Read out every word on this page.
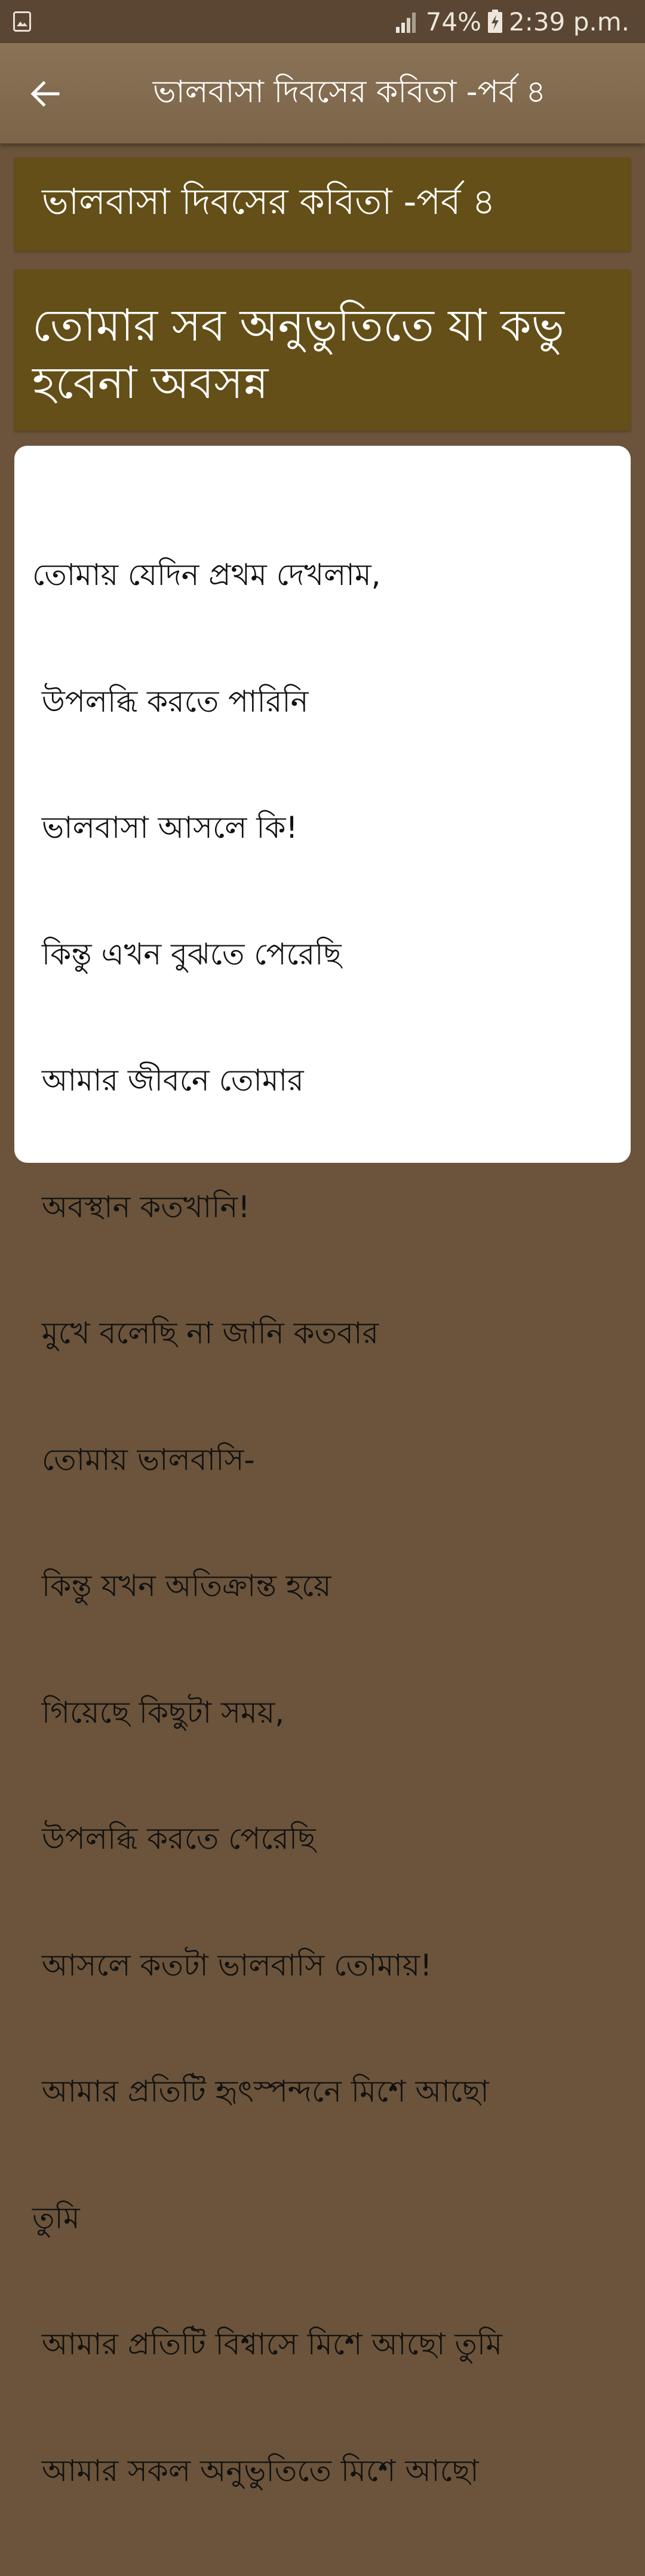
74% 2:39 p.m.
ভালবাসা দিবসের কবিতা -পর্ব ৪
ভালবাসা দিবসের কবিতা -পর্ব ৪
তোমার সব অনুভুতিতে যা কভু হবেনা অবসন্ন

তোমায় যেদিন প্রথম দেখলাম,

উপলব্ধি করতে পারিনি

ভালবাসা আসলে কি!

কিন্তু এখন বুঝতে পেরেছি

আমার জীবনে তোমার

অবস্থান কতখানি!

মুখে বলেছি না জানি কতবার

তোমায় ভালবাসি-

কিন্তু যখন অতিক্রান্ত হয়ে

গিয়েছে কিছুটা সময়,

উপলব্ধি করতে পেরেছি

আসলে কতটা ভালবাসি তোমায়!

আমার প্রতিটি হৃৎস্পন্দনে মিশে আছো

তুমি

আমার প্রতিটি বিশ্বাসে মিশে আছো তুমি

আমার সকল অনুভুতিতে মিশে আছো
